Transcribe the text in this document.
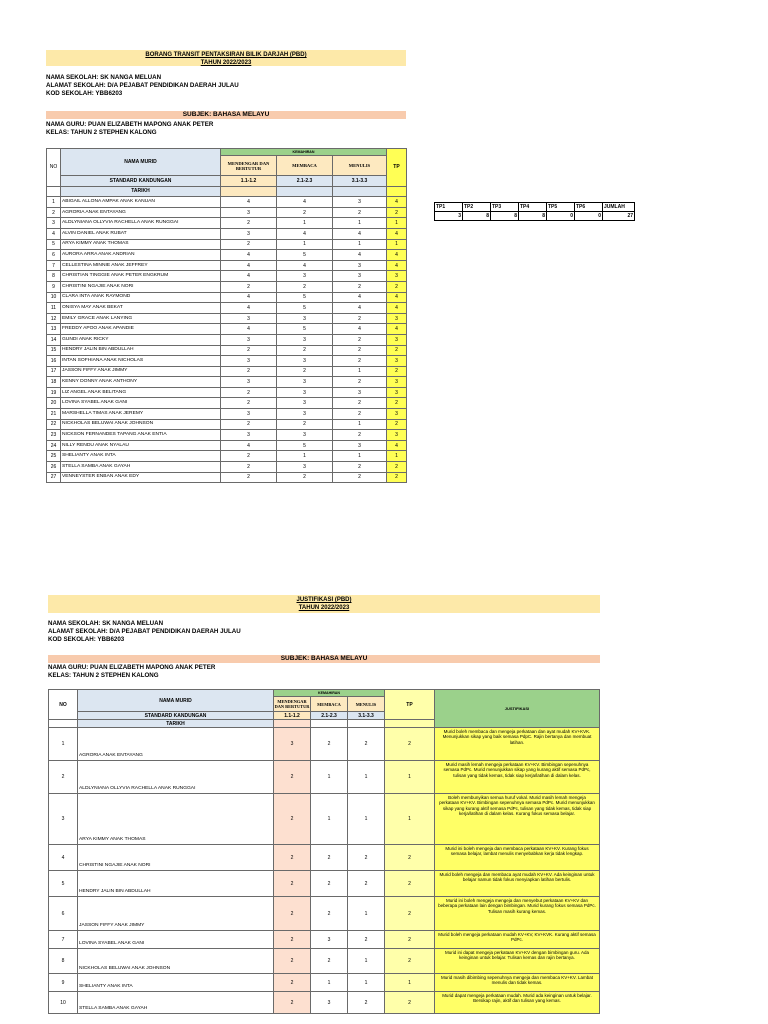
BORANG TRANSIT PENTAKSIRAN BILIK DARJAH (PBD)
TAHUN 2022/2023
NAMA SEKOLAH: SK NANGA MELUAN
ALAMAT SEKOLAH: D/A PEJABAT PENDIDIKAN DAERAH JULAU
KOD SEKOLAH: YBB6203
SUBJEK: BAHASA MELAYU
NAMA GURU: PUAN ELIZABETH MAPONG ANAK PETER
KELAS: TAHUN 2 STEPHEN KALONG
NO	NAMA MURID	KEMAHIRAN			TP
		MENDENGAR DAN BERTUTUR	MEMBACA	MENULIS	
	STANDARD KANDUNGAN	1.1-1.2	2.1-2.3	3.1-3.3	
	TARIKH				
1	ABIGAIL ALLONA AMPAK ANAK KANUAN	4	4	3	4
2	AGRORIA ANAK ENTAYANG	3	2	2	2
3	ALDLYNIANA OLLYVIA RACHELLA ANAK RUNGGAI	2	1	1	1
4	ALVIN DANIEL ANAK RUBAT	3	4	4	4
5	ARYA KIMMY ANAK THOMAS	2	1	1	1
6	AURORA ARRA ANAK ANDRIAN	4	5	4	4
7	CELLESTINA MINNIE ANAK JEFFREY	4	4	3	4
8	CHRISTIAN TINGGIE ANAK PETER ENGKRUM	4	3	3	3
9	CHRISTINI NGAJIE ANAK NORI	2	2	2	2
10	CLARA INTA ANAK RAYMOND	4	5	4	4
11	ONISYA MAY ANAK BEKAT	4	5	4	4
12	EMILY GRACE ANAK LANYING	3	3	2	3
13	FREDDY APOO ANAK APANDIE	4	5	4	4
14	GUNDI ANAK RICKY	3	3	2	3
15	HENDRY JALIN BIN ABDULLAH	2	2	2	2
16	INTAN SOFHIANA ANAK NICHOLAS	3	3	2	3
17	JASSON FIFFY ANAK JIMMY	2	2	1	2
18	KENNY DONNY ANAK ANTHONY	3	3	2	3
19	LIZ ANGEL ANAK BELITANG	2	3	3	3
20	LOVINA SYABEL ANAK GANI	2	3	2	2
21	MARSHELLA TIMAS ANAK JEREMY	3	3	2	3
22	NICKHOLAS BELUWAI ANAK JOHNSON	2	2	1	2
23	NICKSON FERNANDES TAPANG ANAK ENTIA	3	3	2	3
24	NILLY RENDU ANAK NYALAU	4	5	3	4
25	SHELIANTY ANAK INTA	2	1	1	1
26	STELLA SAMBA ANAK GAYAH	2	3	2	2
27	VENNEYSTER ENBAN ANAK EDY	2	2	2	2
TP1	TP2	TP3	TP4	TP5	TP6	JUMLAH
3	8	8	8	0	0	27
JUSTIFIKASI (PBD)
TAHUN 2022/2023
NAMA SEKOLAH: SK NANGA MELUAN
ALAMAT SEKOLAH: D/A PEJABAT PENDIDIKAN DAERAH JULAU
KOD SEKOLAH: YBB6203
SUBJEK: BAHASA MELAYU
NAMA GURU: PUAN ELIZABETH MAPONG ANAK PETER
KELAS: TAHUN 2 STEPHEN KALONG
NO	NAMA MURID	KEMAHIRAN			TP	JUSTIFIKASI
		MENDENGAR DAN BERTUTUR	MEMBACA	MENULIS		
	STANDARD KANDUNGAN	1.1-1.2	2.1-2.3	3.1-3.3		
	TARIKH					
1	AGRORIA ANAK ENTAYANG	3	2	2	2	Murid boleh membaca dan mengeja perkataan dan ayat mudah KV+KVK. Menunjukkan sikap yang baik semasa PdpC. Rajin bertanya dan membuat latihan.
2	ALDLYNIANA OLLYVIA RACHELLA ANAK RUNGGAI	2	1	1	1	Murid masih lemah mengeja perkataan KV+KV. Bimbingan sepenuhnya semasa PdPc. Murid menunjukkan sikap yang kurang aktif semasa PdPc, tulisan yang tidak kemas, tidak siap kerja/latihan di dalam kelas.
3	ARYA KIMMY ANAK THOMAS	2	1	1	1	Boleh membunyikan semua huruf vokal. Murid masih lemah mengeja perkataan KV+KV. Bimbingan sepenuhnya semasa PdPc. Murid menunjukkan sikap yang kurang aktif semasa PdPc, tulisan yang tidak kemas, tidak siap kerja/latihan di dalam kelas. Kurang fokus semasa belajar.
4	CHRISTINI NGAJIE ANAK NORI	2	2	2	2	Murid ini boleh mengeja dan membaca perkataan KV+KV. Kurang fokus semasa belajar, lambat menulis menyebabkan kerja tidak lengkap.
5	HENDRY JALIN BIN ABDULLAH	2	2	2	2	Murid boleh mengeja dan membaca ayat mudah KV+KV. Ada keinginan untuk belajar namun tidak fokus menyiapkan latihan bertulis.
6	JASSON FIFFY ANAK JIMMY	2	2	1	2	Murid ini boleh mengeja mengeja dan menyebut perkataan KV+KV dan beberapa perkataan lain dengan bimbingan. Murid kurang fokus semasa PdPc. Tulisan masih kurang kemas.
7	LOVINA SYABEL ANAK GANI	2	3	2	2	Murid boleh mengeja perkataan mudah KV+KV, KV+KVK. Kurang aktif semasa PdPc.
8	NICKHOLAS BELUWAI ANAK JOHNSON	2	2	1	2	Murid ini dapat mengeja perkataan KV+KV dengan bimbingan guru. Ada keinginan untuk belajar. Tulisan kemas dan rajin bertanya.
9	SHELIANTY ANAK INTA	2	1	1	1	Murid masih dibimbing sepenuhnya mengeja dan membaca KV+KV. Lambat menulis dan tidak kemas.
10	STELLA SAMBA ANAK GAYAH	2	3	2	2	Murid dapat mengeja perkataan mudah. Murid ada keinginan untuk belajar. Bersikap rajin, aktif dan tulisan yang kemas.
